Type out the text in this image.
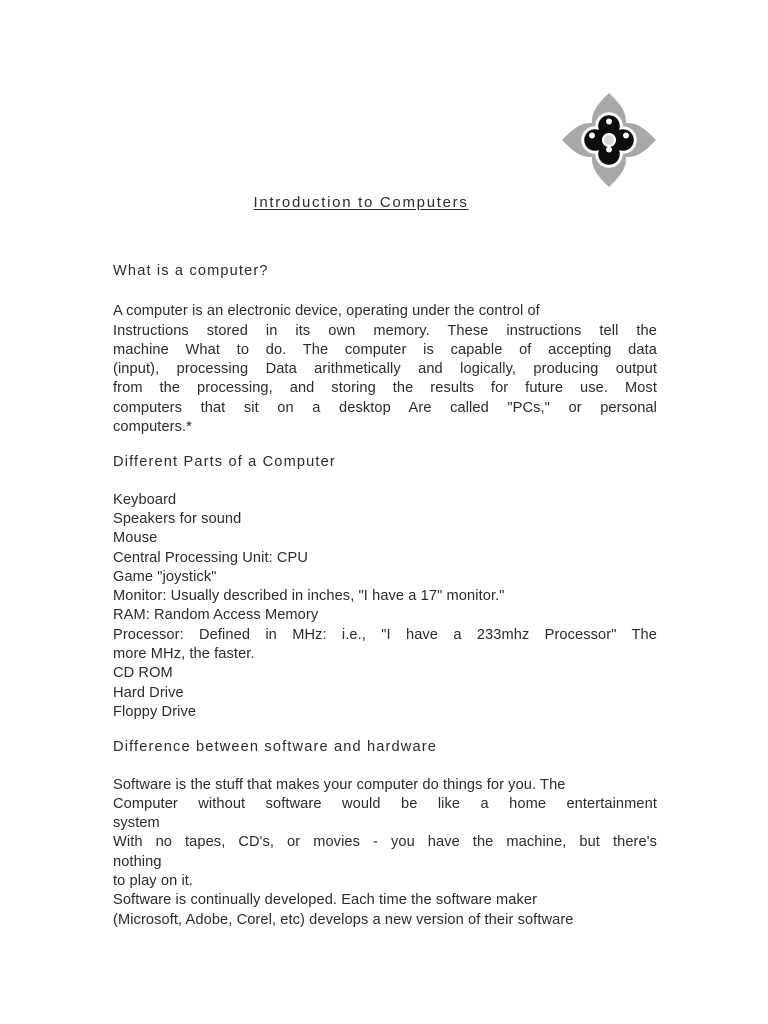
Introduction to Computers
What is a computer?
A computer is an electronic device, operating under the control of
Instructions stored in its own memory. These instructions tell the
machine What to do. The computer is capable of accepting data
(input), processing Data arithmetically and logically, producing output
from the processing, and storing the results for future use. Most
computers that sit on a desktop Are called "PCs," or personal
computers.*
Different Parts of a Computer
Keyboard
Speakers for sound
Mouse
Central Processing Unit: CPU
Game "joystick"
Monitor: Usually described in inches, "I have a 17" monitor."
RAM: Random Access Memory
Processor: Defined in MHz: i.e., "I have a 233mhz Processor" The
more MHz, the faster.
CD ROM
Hard Drive
Floppy Drive
Difference between software and hardware
Software is the stuff that makes your computer do things for you. The
Computer without software would be like a home entertainment
system
With no tapes, CD's, or movies - you have the machine, but there's
nothing
to play on it.
Software is continually developed. Each time the software maker
(Microsoft, Adobe, Corel, etc) develops a new version of their software
